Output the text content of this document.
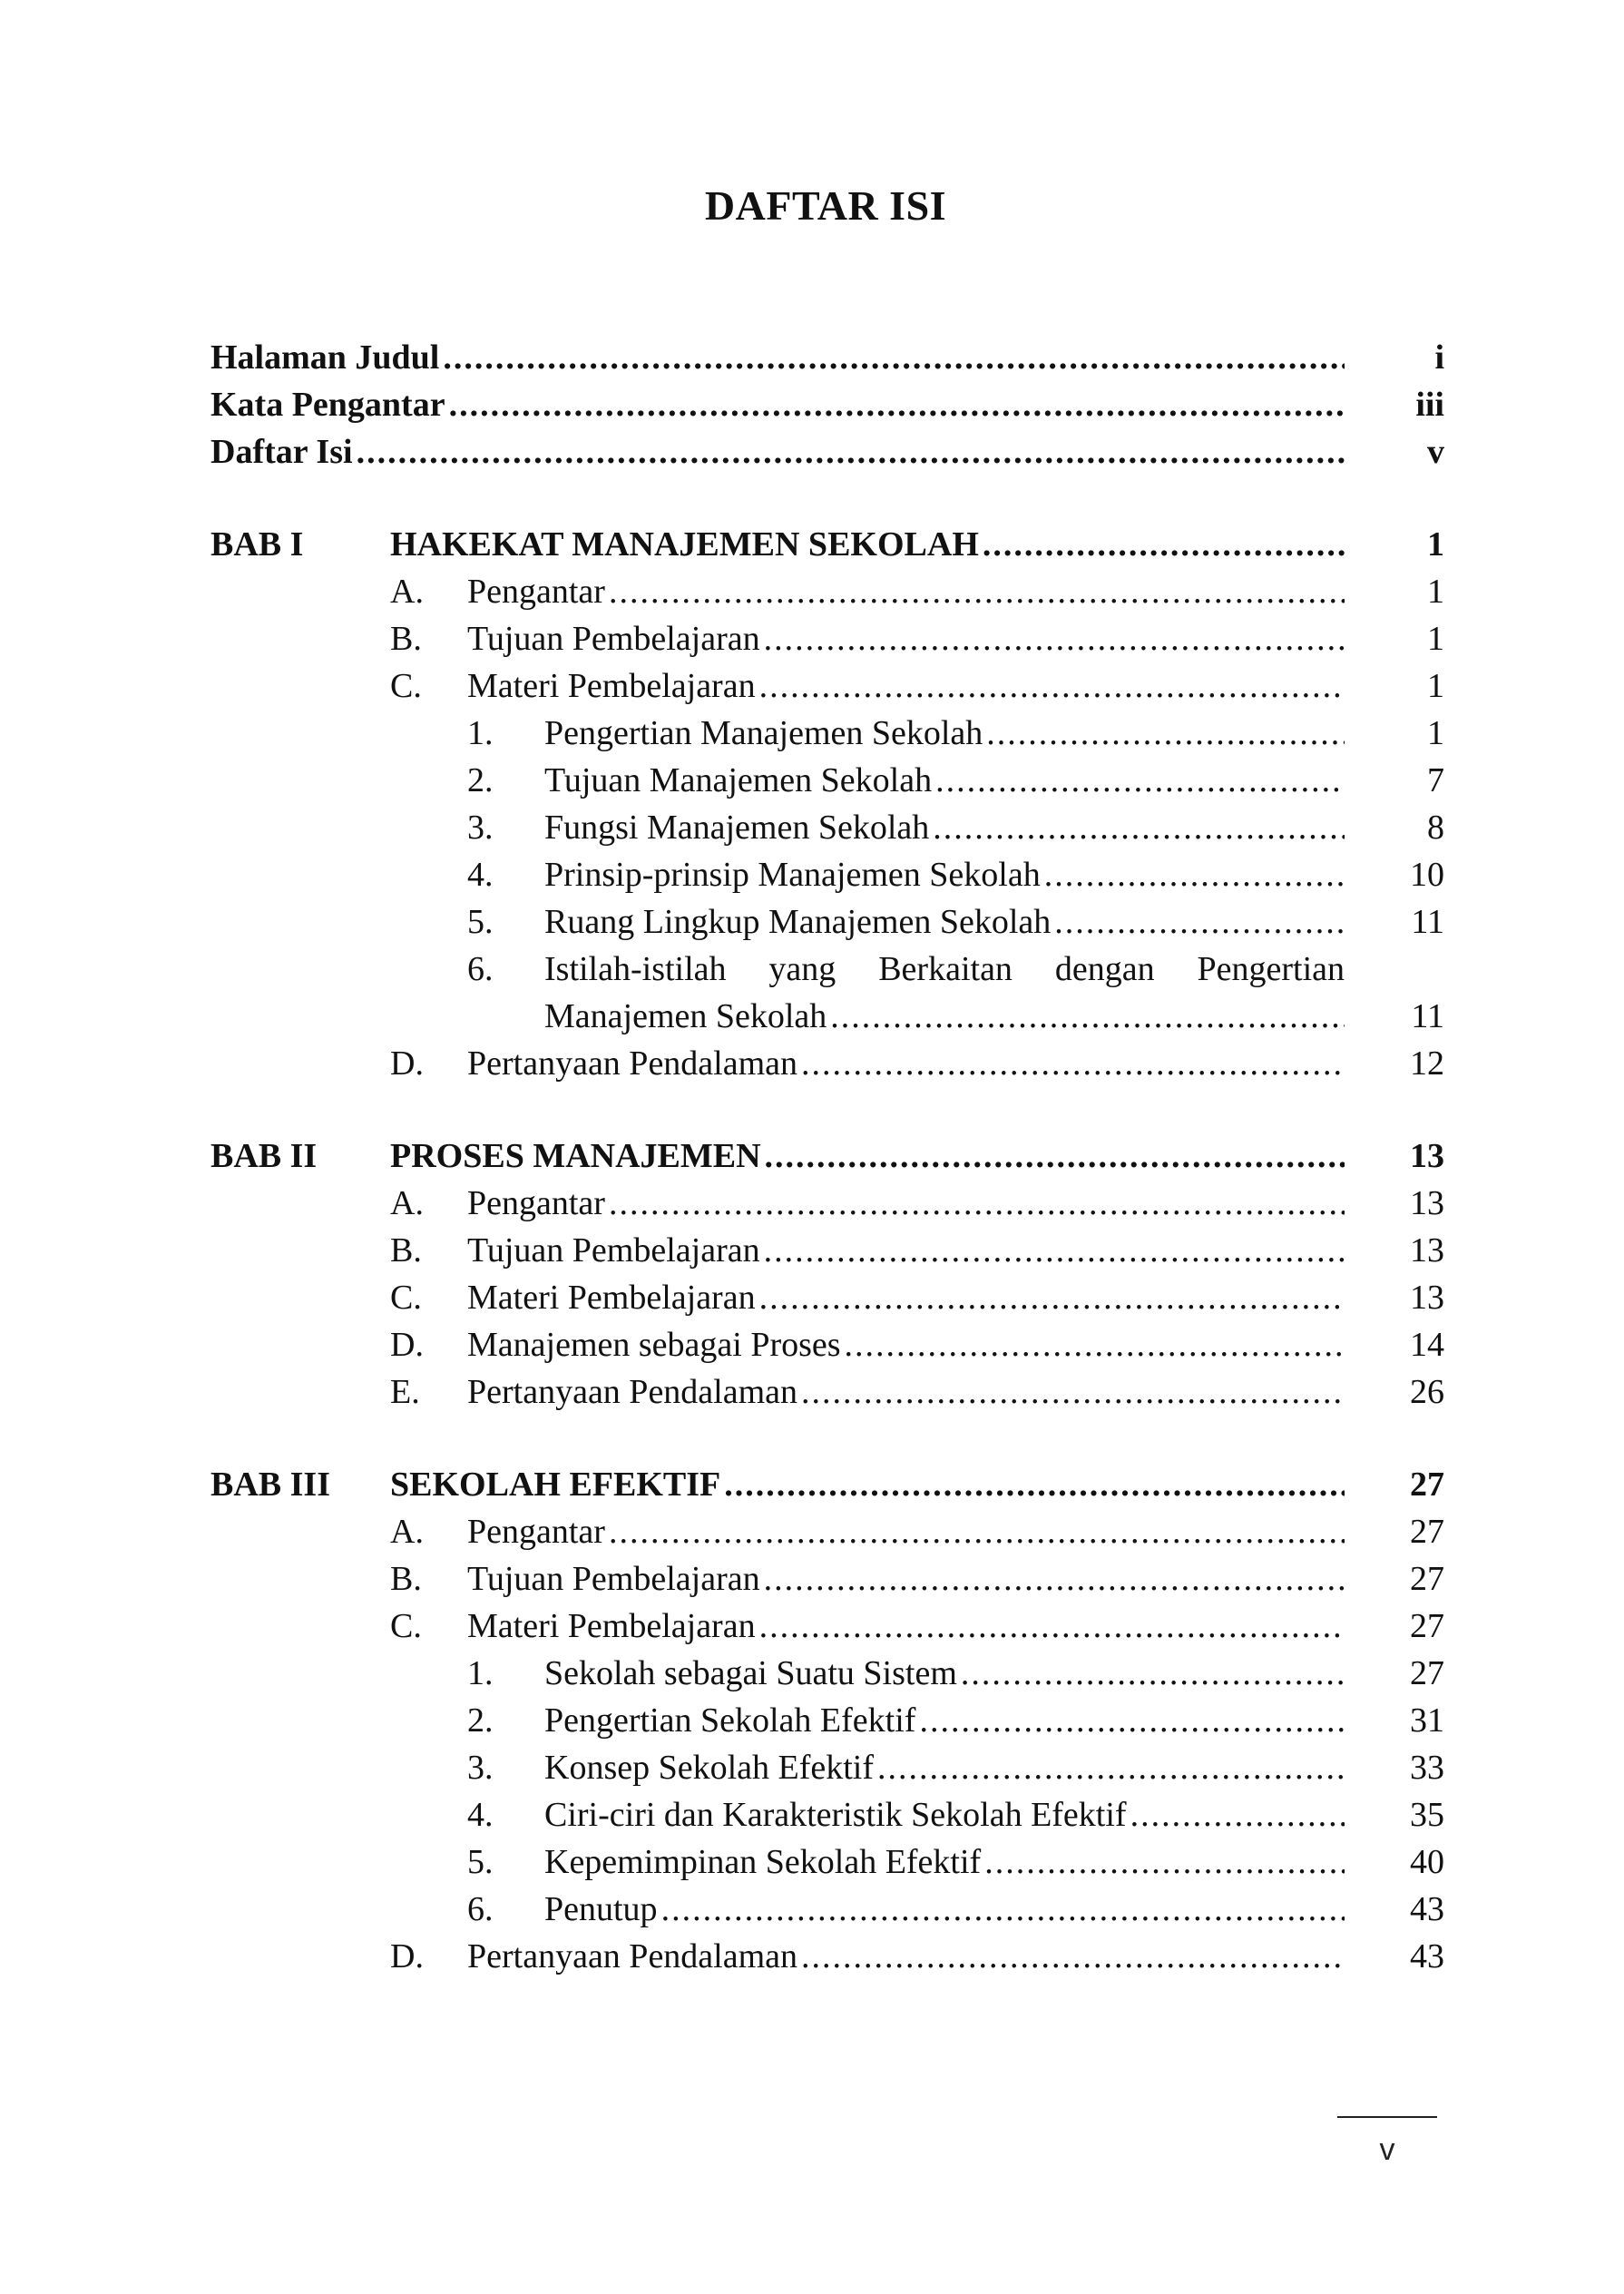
DAFTAR ISI
Halaman Judul .....	i
Kata Pengantar .....	iii
Daftar Isi .....	v
BAB I	HAKEKAT MANAJEMEN SEKOLAH .....	1
A. Pengantar .....	1
B. Tujuan Pembelajaran .....	1
C. Materi Pembelajaran .....	1
1. Pengertian Manajemen Sekolah .....	1
2. Tujuan Manajemen Sekolah .....	7
3. Fungsi Manajemen Sekolah .....	8
4. Prinsip-prinsip Manajemen Sekolah .....	10
5. Ruang Lingkup Manajemen Sekolah .....	11
6. Istilah-istilah yang Berkaitan dengan Pengertian
Manajemen Sekolah .....	11
D. Pertanyaan Pendalaman .....	12
BAB II PROSES MANAJEMEN .....	13
A. Pengantar .....	13
B. Tujuan Pembelajaran .....	13
C. Materi Pembelajaran .....	13
D. Manajemen sebagai Proses .....	14
E. Pertanyaan Pendalaman .....	26
BAB III SEKOLAH EFEKTIF .....	27
A. Pengantar .....	27
B. Tujuan Pembelajaran .....	27
C. Materi Pembelajaran .....	27
1. Sekolah sebagai Suatu Sistem .....	27
2. Pengertian Sekolah Efektif .....	31
3. Konsep Sekolah Efektif .....	33
4. Ciri-ciri dan Karakteristik Sekolah Efektif .....	35
5. Kepemimpinan Sekolah Efektif .....	40
6. Penutup .....	43
D. Pertanyaan Pendalaman .....	43
v
